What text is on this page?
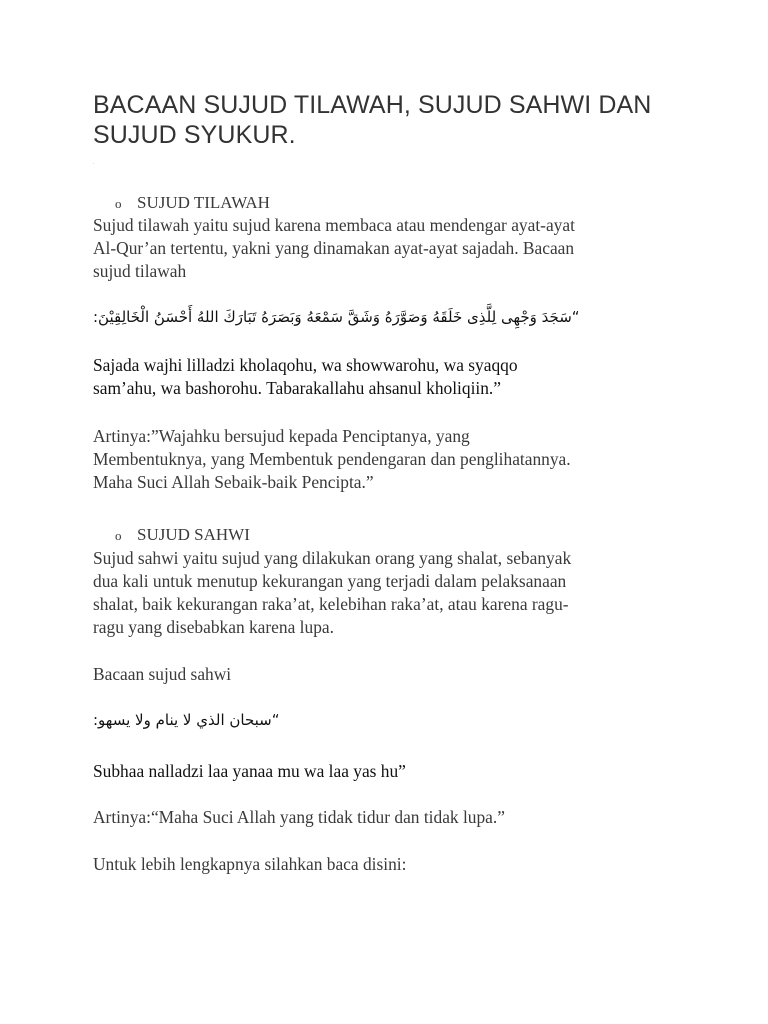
BACAAN SUJUD TILAWAH, SUJUD SAHWI DAN
SUJUD SYUKUR.
.
o SUJUD TILAWAH

Sujud tilawah yaitu sujud karena membaca atau mendengar ayat-ayat
Al-Qur’an tertentu, yakni yang dinamakan ayat-ayat sajadah. Bacaan
sujud tilawah

“سَجَدَ وَجْهِى لِلَّذِى خَلَقَهُ وَصَوَّرَهُ وَشَقَّ سَمْعَهُ وَبَصَرَهُ تَبَارَكَ اللهُ أَحْسَنُ الْخَالِقِيْنَ:

Sajada wajhi lilladzi kholaqohu, wa showwarohu, wa syaqqo
sam’ahu, wa bashorohu. Tabarakallahu ahsanul kholiqiin.”

Artinya:”Wajahku bersujud kepada Penciptanya, yang
Membentuknya, yang Membentuk pendengaran dan penglihatannya.
Maha Suci Allah Sebaik-baik Pencipta.”

o SUJUD SAHWI

Sujud sahwi yaitu sujud yang dilakukan orang yang shalat, sebanyak
dua kali untuk menutup kekurangan yang terjadi dalam pelaksanaan
shalat, baik kekurangan raka’at, kelebihan raka’at, atau karena ragu-
ragu yang disebabkan karena lupa.

Bacaan sujud sahwi

“سبحان الذي لا ينام ولا يسهو:

Subhaa nalladzi laa yanaa mu wa laa yas hu”

Artinya:“Maha Suci Allah yang tidak tidur dan tidak lupa.”

Untuk lebih lengkapnya silahkan baca disini:
